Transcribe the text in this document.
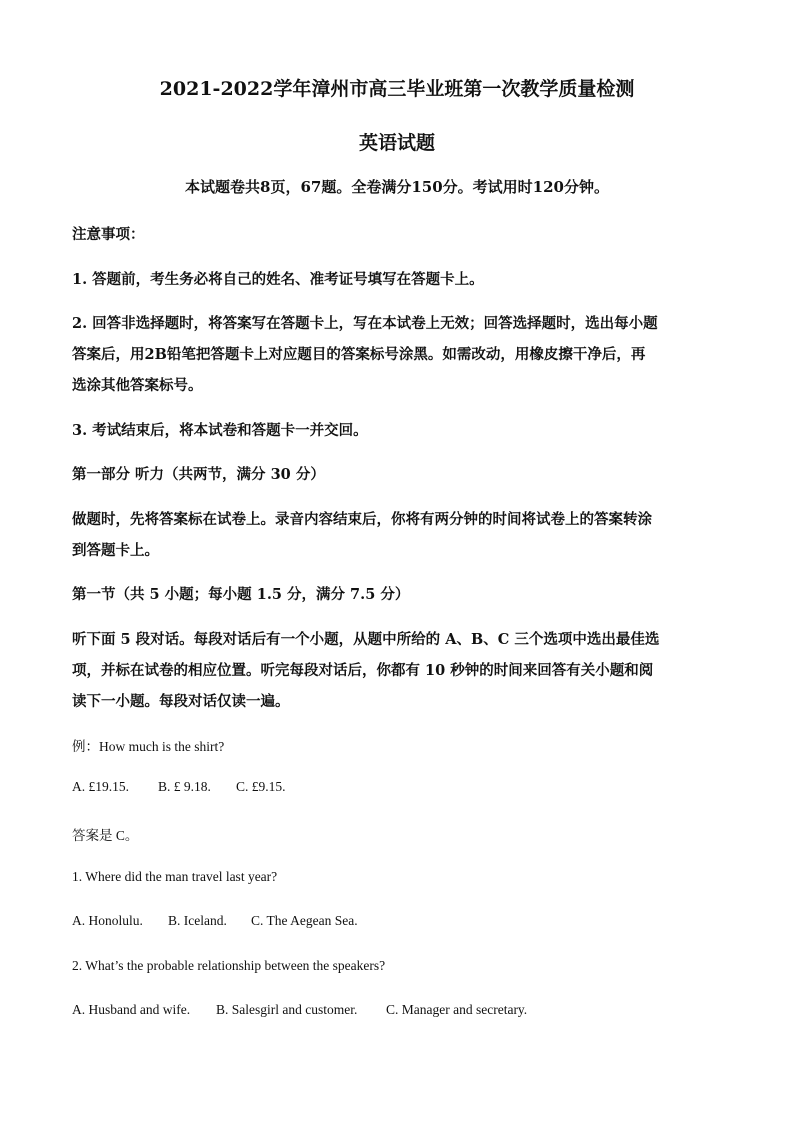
2021-2022学年漳州市高三毕业班第一次教学质量检测
英语试题
本试题卷共8页，67题。全卷满分150分。考试用时120分钟。
注意事项：
1. 答题前，考生务必将自己的姓名、准考证号填写在答题卡上。
2. 回答非选择题时，将答案写在答题卡上，写在本试卷上无效；回答选择题时，选出每小题
答案后，用2B铅笔把答题卡上对应题目的答案标号涂黑。如需改动，用橡皮擦干净后，再
选涂其他答案标号。
3. 考试结束后，将本试卷和答题卡一并交回。
第一部分 听力（共两节，满分 30 分）
做题时，先将答案标在试卷上。录音内容结束后，你将有两分钟的时间将试卷上的答案转涂
到答题卡上。
第一节（共 5 小题；每小题 1.5 分，满分 7.5 分）
听下面 5 段对话。每段对话后有一个小题，从题中所给的 A、B、C 三个选项中选出最佳选
项，并标在试卷的相应位置。听完每段对话后，你都有 10 秒钟的时间来回答有关小题和阅
读下一小题。每段对话仅读一遍。
例：How much is the shirt?
A. £19.15. B. £ 9.18. C. £9.15.
答案是 C。
1. Where did the man travel last year?
A. Honolulu. B. Iceland. C. The Aegean Sea.
2. What’s the probable relationship between the speakers?
A. Husband and wife. B. Salesgirl and customer. C. Manager and secretary.
